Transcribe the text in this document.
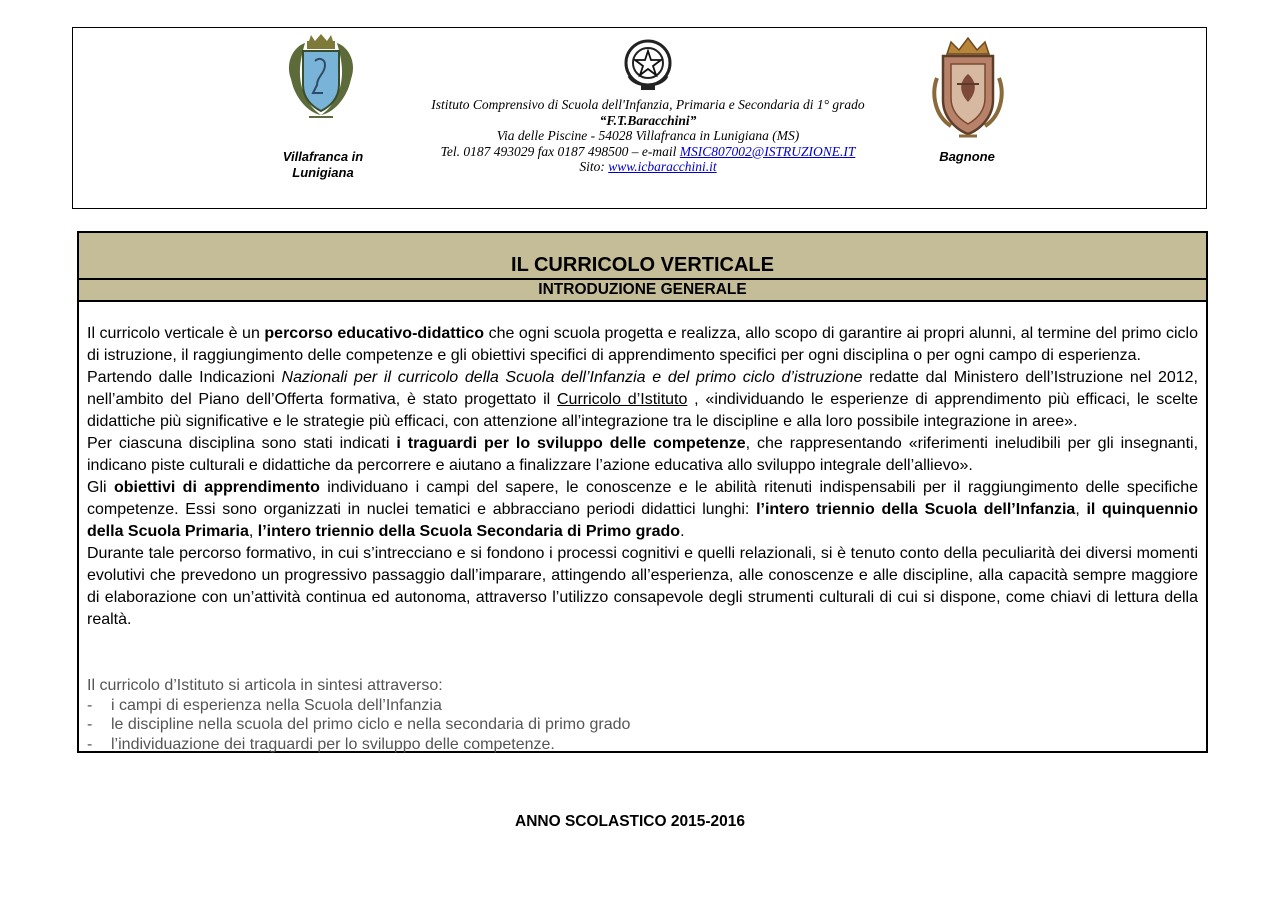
Villafranca in Lunigiana
Bagnone
Istituto Comprensivo di Scuola dell'Infanzia, Primaria e Secondaria di 1° grado
“F.T.Baracchini”
Via delle Piscine - 54028 Villafranca in Lunigiana (MS)
Tel. 0187 493029 fax 0187 498500 – e-mail MSIC807002@ISTRUZIONE.IT
Sito: www.icbaracchini.it
IL CURRICOLO VERTICALE
INTRODUZIONE GENERALE

Il curricolo verticale è un percorso educativo-didattico che ogni scuola progetta e realizza, allo scopo di garantire ai propri alunni, al termine del primo ciclo di istruzione, il raggiungimento delle competenze e gli obiettivi specifici di apprendimento specifici per ogni disciplina o per ogni campo di esperienza.

Partendo dalle Indicazioni Nazionali per il curricolo della Scuola dell’Infanzia e del primo ciclo d’istruzione redatte dal Ministero dell’Istruzione nel 2012, nell’ambito del Piano dell’Offerta formativa, è stato progettato il Curricolo d’Istituto , «individuando le esperienze di apprendimento più efficaci, le scelte didattiche più significative e le strategie più efficaci, con attenzione all’integrazione tra le discipline e alla loro possibile integrazione in aree».

Per ciascuna disciplina sono stati indicati i traguardi per lo sviluppo delle competenze, che rappresentando «riferimenti ineludibili per gli insegnanti, indicano piste culturali e didattiche da percorrere e aiutano a finalizzare l’azione educativa allo sviluppo integrale dell’allievo».

Gli obiettivi di apprendimento individuano i campi del sapere, le conoscenze e le abilità ritenuti indispensabili per il raggiungimento delle specifiche competenze. Essi sono organizzati in nuclei tematici e abbracciano periodi didattici lunghi: l’intero triennio della Scuola dell’Infanzia, il quinquennio della Scuola Primaria, l’intero triennio della Scuola Secondaria di Primo grado.

Durante tale percorso formativo, in cui s’intrecciano e si fondono i processi cognitivi e quelli relazionali, si è tenuto conto della peculiarità dei diversi momenti evolutivi che prevedono un progressivo passaggio dall’imparare, attingendo all’esperienza, alle conoscenze e alle discipline, alla capacità sempre maggiore di elaborazione con un’attività continua ed autonoma, attraverso l’utilizzo consapevole degli strumenti culturali di cui si dispone, come chiavi di lettura della realtà.

Il curricolo d’Istituto si articola in sintesi attraverso:

- i campi di esperienza nella Scuola dell’Infanzia
- le discipline nella scuola del primo ciclo e nella secondaria di primo grado
- l’individuazione dei traguardi per lo sviluppo delle competenze.
ANNO SCOLASTICO 2015-2016
